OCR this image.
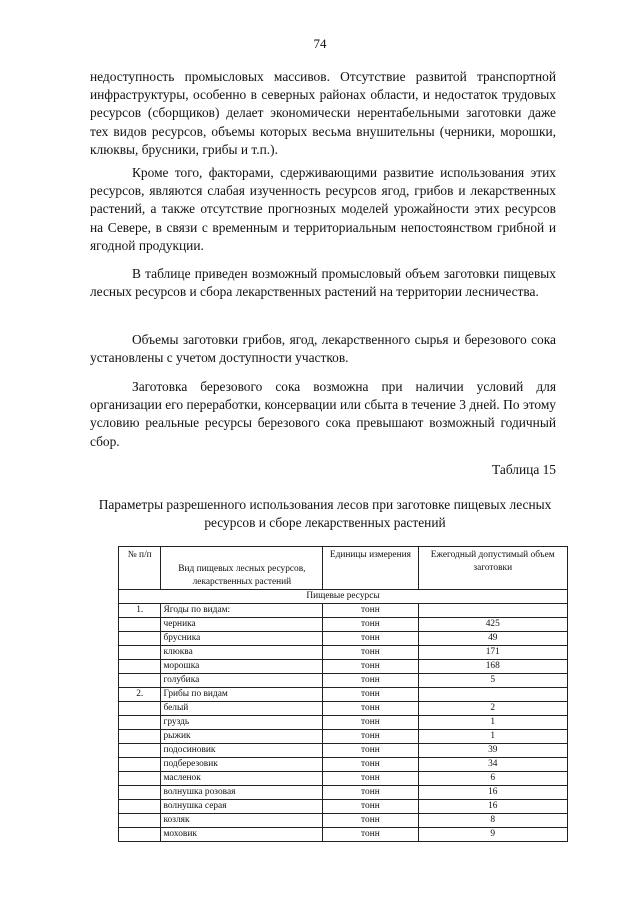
74

недоступность промысловых массивов. Отсутствие развитой транспортной инфраструктуры, особенно в северных районах области, и недостаток трудовых ресурсов (сборщиков) делает экономически нерентабельными заготовки даже тех видов ресурсов, объемы которых весьма внушительны (черники, морошки, клюквы, брусники, грибы и т.п.).

Кроме того, факторами, сдерживающими развитие использования этих ресурсов, являются слабая изученность ресурсов ягод, грибов и лекарственных растений, а также отсутствие прогнозных моделей урожайности этих ресурсов на Севере, в связи с временным и территориальным непостоянством грибной и ягодной продукции.

В таблице приведен возможный промысловый объем заготовки пищевых лесных ресурсов и сбора лекарственных растений на территории лесничества.

Объемы заготовки грибов, ягод, лекарственного сырья и березового сока установлены с учетом доступности участков.

Заготовка березового сока возможна при наличии условий для организации его переработки, консервации или сбыта в течение 3 дней. По этому условию реальные ресурсы березового сока превышают возможный годичный сбор.

Таблица 15
Параметры разрешенного использования лесов при заготовке пищевых лесных ресурсов и сборе лекарственных растений
№ п/п	Вид пищевых лесных ресурсов, лекарственных растений	Единицы измерения	Ежегодный допустимый объем заготовки
Пищевые ресурсы			
1.	Ягоды по видам:	тонн	
	черника	тонн	425
	брусника	тонн	49
	клюква	тонн	171
	морошка	тонн	168
	голубика	тонн	5
2.	Грибы по видам	тонн	
	белый	тонн	2
	груздь	тонн	1
	рыжик	тонн	1
	подосиновик	тонн	39
	подберезовик	тонн	34
	масленок	тонн	6
	волнушка розовая	тонн	16
	волнушка серая	тонн	16
	козляк	тонн	8
	моховик	тонн	9
